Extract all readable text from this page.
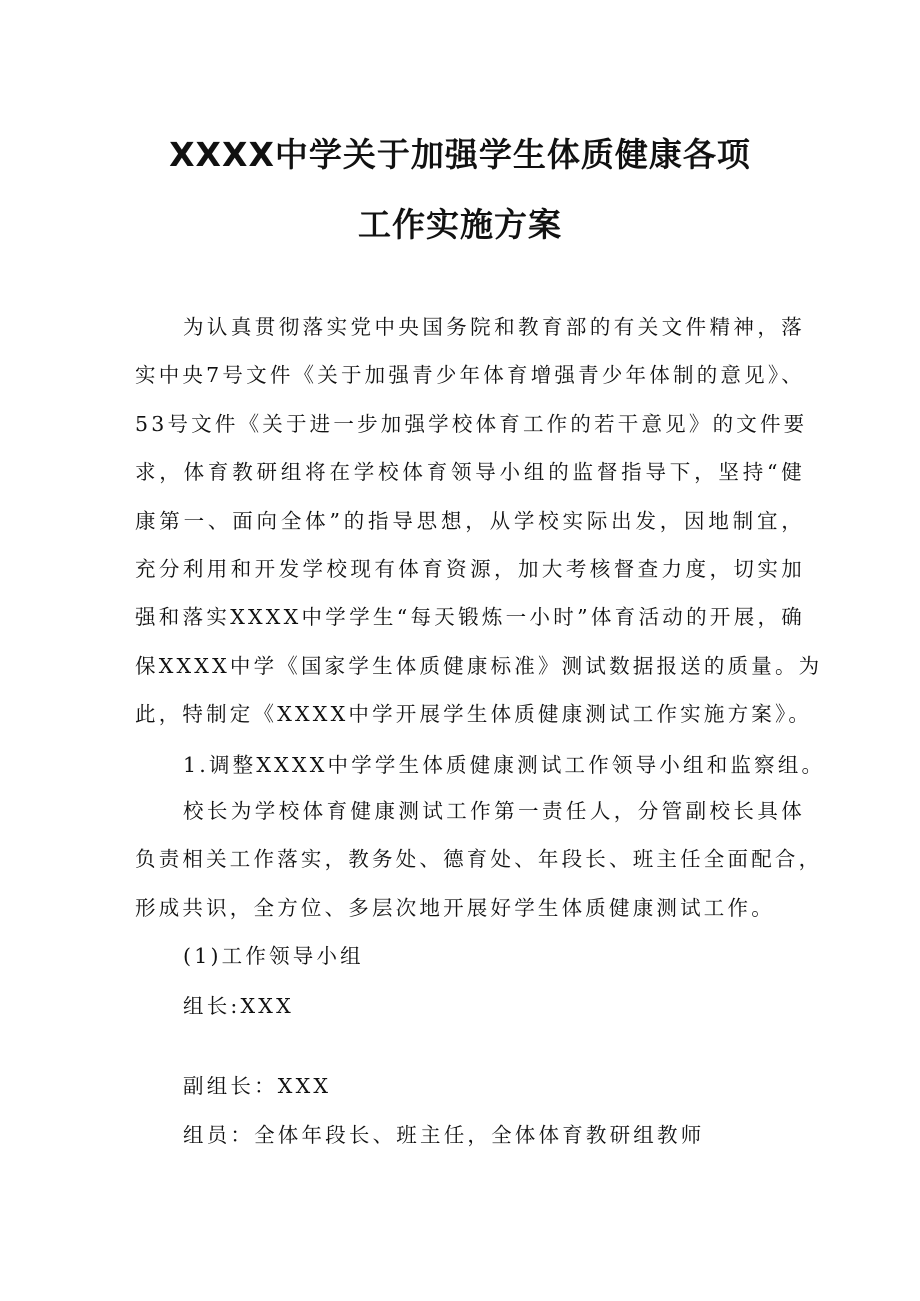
XXXX中学关于加强学生体质健康各项
工作实施方案
为认真贯彻落实党中央国务院和教育部的有关文件精神，落
实中央7号文件《关于加强青少年体育增强青少年体制的意见》、
53号文件《关于进一步加强学校体育工作的若干意见》的文件要
求，体育教研组将在学校体育领导小组的监督指导下，坚持“健
康第一、面向全体”的指导思想，从学校实际出发，因地制宜，
充分利用和开发学校现有体育资源，加大考核督查力度，切实加
强和落实XXXX中学学生“每天锻炼一小时”体育活动的开展，确
保XXXX中学《国家学生体质健康标准》测试数据报送的质量。为
此，特制定《XXXX中学开展学生体质健康测试工作实施方案》。
1.调整XXXX中学学生体质健康测试工作领导小组和监察组。
校长为学校体育健康测试工作第一责任人，分管副校长具体
负责相关工作落实，教务处、德育处、年段长、班主任全面配合，
形成共识，全方位、多层次地开展好学生体质健康测试工作。
(1)工作领导小组
组长:XXX
副组长：XXX
组员：全体年段长、班主任，全体体育教研组教师
